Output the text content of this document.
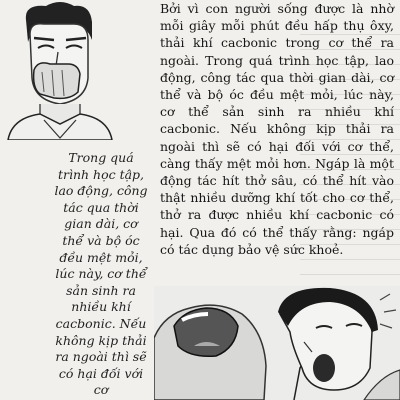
Trong quá trình học tập, lao động, công tác qua thời gian dài, cơ thể và bộ óc đều mệt mỏi, lúc này, cơ thể sản sinh ra nhiều khí cacbonic. Nếu không kịp thải ra ngoài thì sẽ có hại đối với cơ

Bởi vì con người sống được là nhờ mỗi giây mỗi phút đều hấp thụ ôxy, thải khí cacbonic trong cơ thể ra ngoài. Trong quá trình học tập, lao động, công tác qua thời gian dài, cơ thể và bộ óc đều mệt mỏi, lúc này, cơ thể sản sinh ra nhiều khí cacbonic. Nếu không kịp thải ra ngoài thì sẽ có hại đối với cơ thể, càng thấy mệt mỏi hơn. Ngáp là một động tác hít thở sâu, có thể hít vào thật nhiều dưỡng khí tốt cho cơ thể, thở ra được nhiều khí cacbonic có hại. Qua đó có thể thấy rằng: ngáp có tác dụng bảo vệ sức khoẻ.
